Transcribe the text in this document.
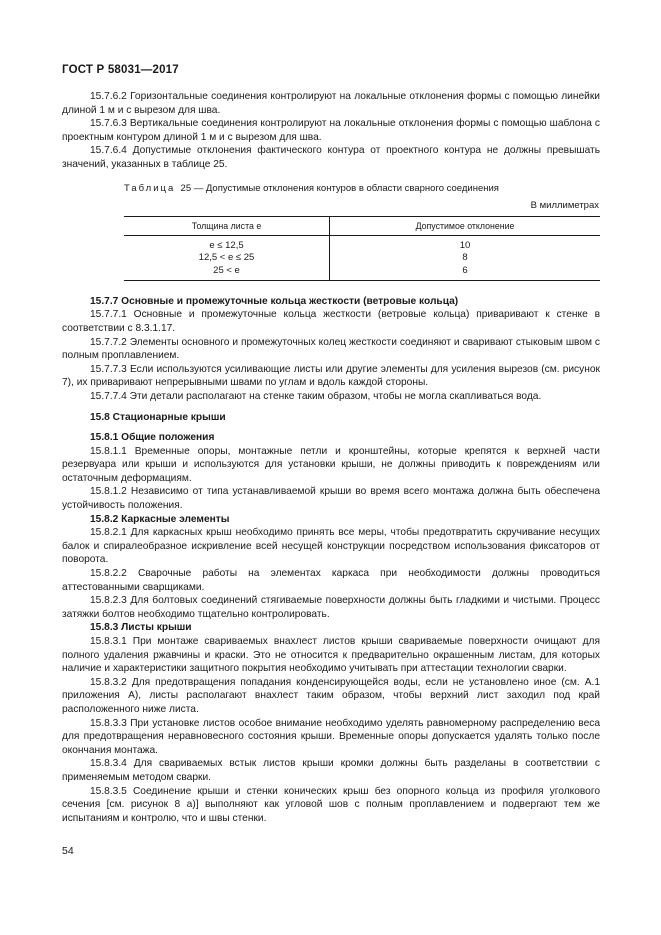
ГОСТ Р 58031—2017

15.7.6.2 Горизонтальные соединения контролируют на локальные отклонения формы с помощью линейки длиной 1 м и с вырезом для шва.

15.7.6.3 Вертикальные соединения контролируют на локальные отклонения формы с помощью шаблона с проектным контуром длиной 1 м и с вырезом для шва.

15.7.6.4 Допустимые отклонения фактического контура от проектного контура не должны превышать значений, указанных в таблице 25.

Таблица 25 — Допустимые отклонения контуров в области сварного соединения
В миллиметрах
Толщина листа e	Допустимое отклонение
e ≤ 12,5	10
12,5 < e ≤ 25	8
25 < e	6

15.7.7 Основные и промежуточные кольца жесткости (ветровые кольца)

15.7.7.1 Основные и промежуточные кольца жесткости (ветровые кольца) приваривают к стенке в соответствии с 8.3.1.17.

15.7.7.2 Элементы основного и промежуточных колец жесткости соединяют и сваривают стыковым швом с полным проплавлением.

15.7.7.3 Если используются усиливающие листы или другие элементы для усиления вырезов (см. рисунок 7), их приваривают непрерывными швами по углам и вдоль каждой стороны.

15.7.7.4 Эти детали располагают на стенке таким образом, чтобы не могла скапливаться вода.

15.8 Стационарные крыши

15.8.1 Общие положения

15.8.1.1 Временные опоры, монтажные петли и кронштейны, которые крепятся к верхней части резервуара или крыши и используются для установки крыши, не должны приводить к повреждениям или остаточным деформациям.

15.8.1.2 Независимо от типа устанавливаемой крыши во время всего монтажа должна быть обеспечена устойчивость положения.

15.8.2 Каркасные элементы

15.8.2.1 Для каркасных крыш необходимо принять все меры, чтобы предотвратить скручивание несущих балок и спиралеобразное искривление всей несущей конструкции посредством использования фиксаторов от поворота.

15.8.2.2 Сварочные работы на элементах каркаса при необходимости должны проводиться аттестованными сварщиками.

15.8.2.3 Для болтовых соединений стягиваемые поверхности должны быть гладкими и чистыми. Процесс затяжки болтов необходимо тщательно контролировать.

15.8.3 Листы крыши

15.8.3.1 При монтаже свариваемых внахлест листов крыши свариваемые поверхности очищают для полного удаления ржавчины и краски. Это не относится к предварительно окрашенным листам, для которых наличие и характеристики защитного покрытия необходимо учитывать при аттестации технологии сварки.

15.8.3.2 Для предотвращения попадания конденсирующейся воды, если не установлено иное (см. А.1 приложения А), листы располагают внахлест таким образом, чтобы верхний лист заходил под край расположенного ниже листа.

15.8.3.3 При установке листов особое внимание необходимо уделять равномерному распределению веса для предотвращения неравновесного состояния крыши. Временные опоры допускается удалять только после окончания монтажа.

15.8.3.4 Для свариваемых встык листов крыши кромки должны быть разделаны в соответствии с применяемым методом сварки.

15.8.3.5 Соединение крыши и стенки конических крыш без опорного кольца из профиля уголкового сечения [см. рисунок 8 а)] выполняют как угловой шов с полным проплавлением и подвергают тем же испытаниям и контролю, что и швы стенки.

54
